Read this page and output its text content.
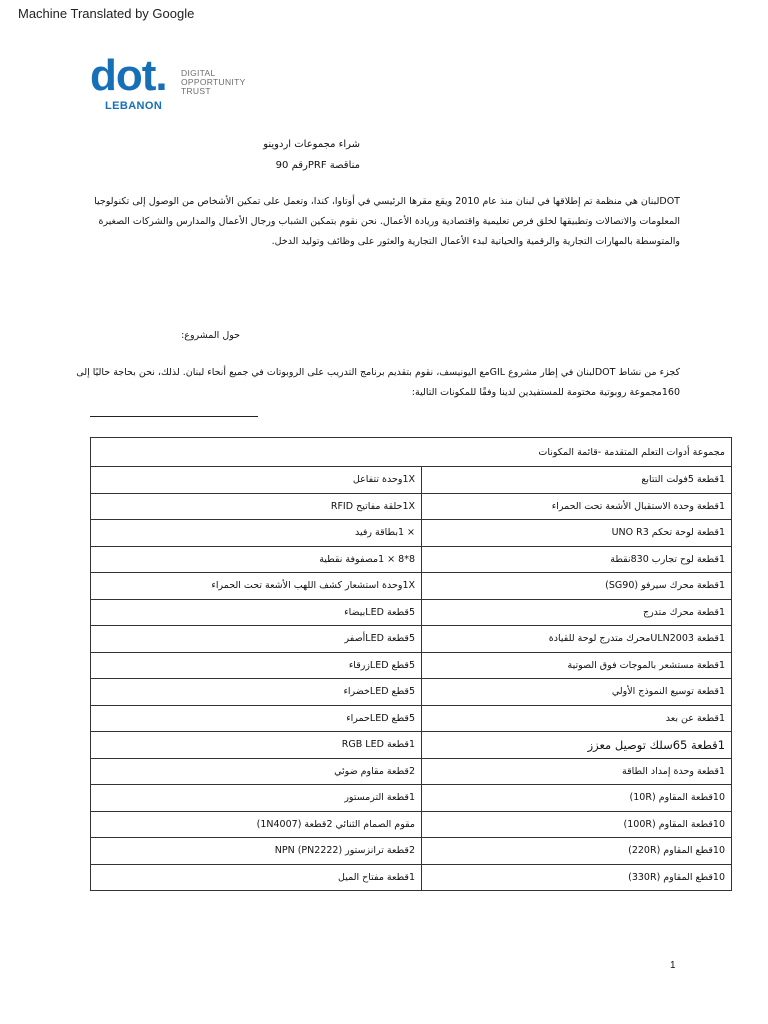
Machine Translated by Google
dot. DIGITAL
OPPORTUNITY
TRUST
LEBANON
شراء مجموعات اردوينو
مناقصة PRFرقم 90
DOTلبنان هي منظمة تم إطلاقها في لبنان منذ عام 2010 ويقع مقرها الرئيسي في أوتاوا، كندا، وتعمل على تمكين الأشخاص من الوصول إلى تكنولوجيا المعلومات والاتصالات وتطبيقها لخلق فرص تعليمية واقتصادية وريادة الأعمال. نحن نقوم بتمكين الشباب ورجال الأعمال والمدارس والشركات الصغيرة والمتوسطة بالمهارات التجارية والرقمية والحياتية لبدء الأعمال التجارية والعثور على وظائف وتوليد الدخل.
حول المشروع:
كجزء من نشاط DOTلبنان في إطار مشروع GILمع اليونيسف، نقوم بتقديم برنامج التدريب على الروبوتات في جميع أنحاء لبنان. لذلك، نحن بحاجة حاليًا إلى 160مجموعة روبوتية مختومة للمستفيدين لدينا وفقًا للمكونات التالية:
مجموعة أدوات التعلم المتقدمة -قائمة المكونات	
1Xوحدة تتفاعل	1قطعة 5فولت التتابع
1Xحلقة مفاتيح RFID	1قطعة وحدة الاستقبال الأشعة تحت الحمراء
× 1بطاقة رفيد	1قطعة لوحة تحكم UNO R3
8*8 × 1مصفوفة نقطية	1قطعة لوح تجارب 830نقطة
1Xوحدة استشعار كشف اللهب الأشعة تحت الحمراء	1قطعة محرك سيرفو (SG90)
5قطعة LEDبيضاء	1قطعة محرك متدرج
5قطعة LEDأصفر	1قطعة ULN2003محرك متدرج لوحة للقيادة
5قطع LEDزرقاء	1قطعة مستشعر بالموجات فوق الصوتية
5قطع LEDخضراء	1قطعة توسيع النموذج الأولي
5قطع LEDحمراء	1قطعة عن بعد
1قطعة RGB LED	1قطعة 65سلك توصيل معزز
2قطعة مقاوم ضوئي	1قطعة وحدة إمداد الطاقة
1قطعة الترمستور	10قطعة المقاوم (10R)
مقوم الصمام الثنائي 2قطعة (1N4007)	10قطعة المقاوم (100R)
2قطعة ترانزستور NPN (PN2222)	10قطع المقاوم (220R)
1قطعة مفتاح الميل	10قطع المقاوم (330R)
1
